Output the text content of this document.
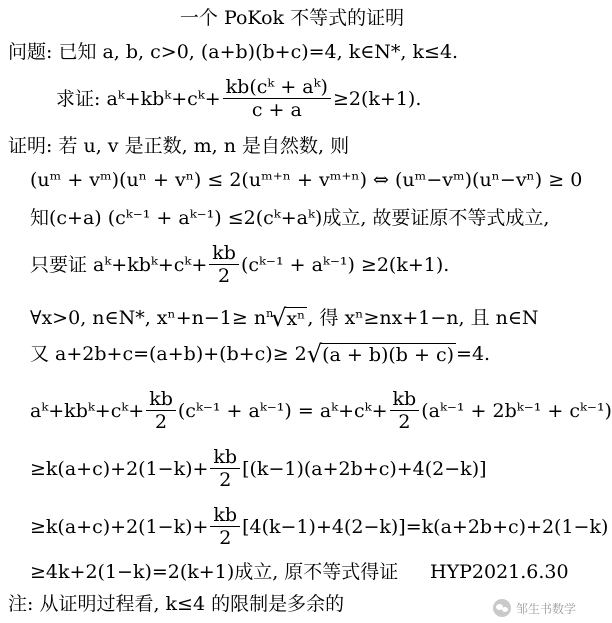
一个 PoKok 不等式的证明
问题: 已知 a, b, c>0, (a+b)(b+c)=4, k∈N*, k≤4.
求证: aᵏ+kbᵏ+cᵏ+ $\frac{\text{kb(cᵏ + aᵏ)}}{c + a} \ge 2(k+1)$.
证明: 若 u, v 是正数, m, n 是自然数, 则
(uᵐ + vᵐ)(uⁿ + vⁿ) ≤ 2(uᵐ⁺ⁿ + vᵐ⁺ⁿ) ⇔ (uᵐ−vᵐ)(uⁿ−vⁿ) ≥ 0
知(c+a) (cᵏ⁻¹ + aᵏ⁻¹) ≤2(cᵏ+aᵏ)成立, 故要证原不等式成立,
只要证 aᵏ+kbᵏ+cᵏ+ $\frac{kb}{2}$ (cᵏ⁻¹ + aᵏ⁻¹) ≥2(k+1).
∀x>0, n∈N*, xⁿ+n−1≥ n n
√ xⁿ , 得 xⁿ≥nx+1−n, 且 n∈N
又 a+2b+c=(a+b)+(b+c)≥ 2 √ (a + b)(b + c) =4.
aᵏ+kbᵏ+cᵏ+ $\frac{kb}{2}$ (cᵏ⁻¹ + aᵏ⁻¹) = aᵏ+cᵏ+ $\frac{kb}{2}$ (aᵏ⁻¹ + 2bᵏ⁻¹ + cᵏ⁻¹)
$\ge k(a+c)+2(1-k)+ \frac{kb}{2} [(k-1)(a+2b+c)+4(2-k)]$
$\ge k(a+c)+2(1-k)+ \frac{kb}{2} [4(k-1)+4(2-k)]=k(a+2b+c)+2(1-k)$
≥4k+2(1−k)=2(k+1)成立, 原不等式得证 HYP2021.6.30
注: 从证明过程看, k≤4 的限制是多余的	邹生书数学
